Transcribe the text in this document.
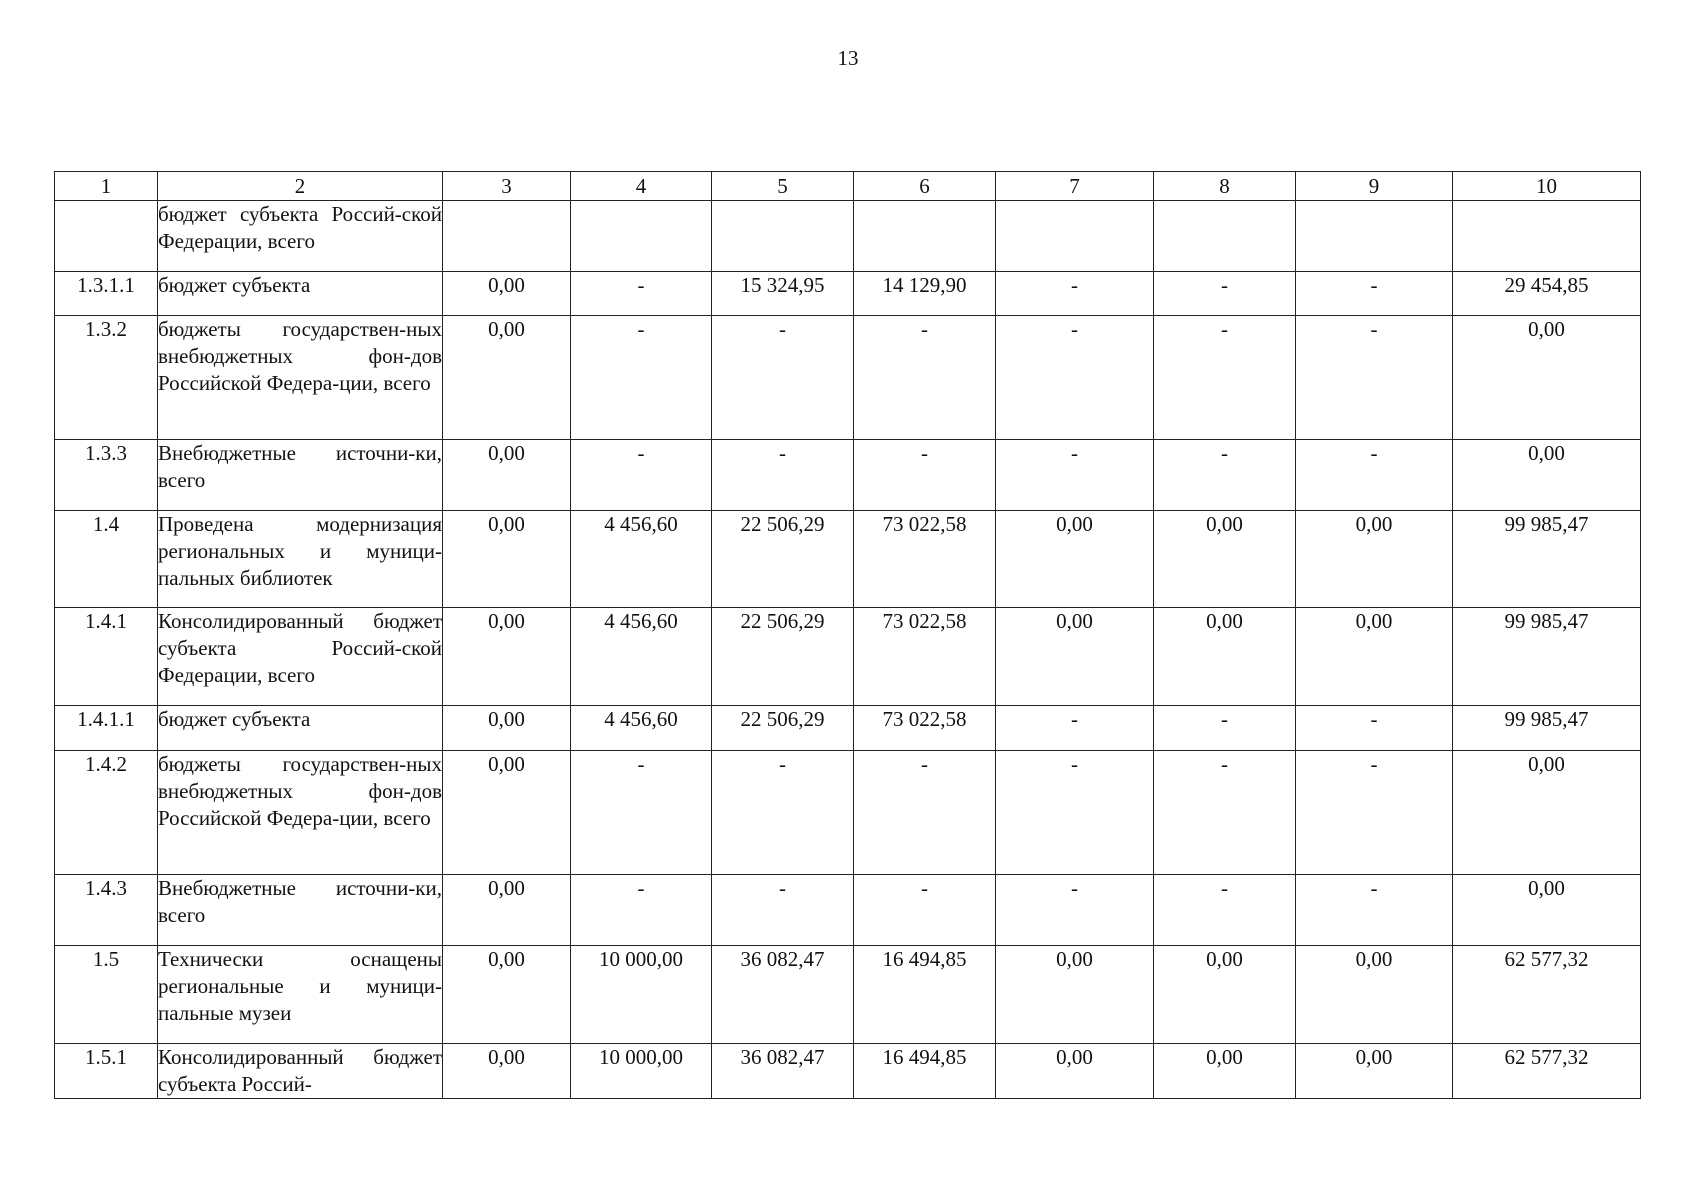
13
1	2	3	4	5	6	7	8	9	10
	бюджет субъекта Россий-ской Федерации, всего								
1.3.1.1	бюджет субъекта	0,00	-	15 324,95	14 129,90	-	-	-	29 454,85
1.3.2	бюджеты государствен-ных внебюджетных фон-дов Российской Федера-ции, всего	0,00	-	-	-	-	-	-	0,00
1.3.3	Внебюджетные источни-ки, всего	0,00	-	-	-	-	-	-	0,00
1.4	Проведена модернизация региональных и муници-пальных библиотек	0,00	4 456,60	22 506,29	73 022,58	0,00	0,00	0,00	99 985,47
1.4.1	Консолидированный бюджет субъекта Россий-ской Федерации, всего	0,00	4 456,60	22 506,29	73 022,58	0,00	0,00	0,00	99 985,47
1.4.1.1	бюджет субъекта	0,00	4 456,60	22 506,29	73 022,58	-	-	-	99 985,47
1.4.2	бюджеты государствен-ных внебюджетных фон-дов Российской Федера-ции, всего	0,00	-	-	-	-	-	-	0,00
1.4.3	Внебюджетные источни-ки, всего	0,00	-	-	-	-	-	-	0,00
1.5	Технически оснащены региональные и муници-пальные музеи	0,00	10 000,00	36 082,47	16 494,85	0,00	0,00	0,00	62 577,32
1.5.1	Консолидированный бюджет субъекта Россий-	0,00	10 000,00	36 082,47	16 494,85	0,00	0,00	0,00	62 577,32
